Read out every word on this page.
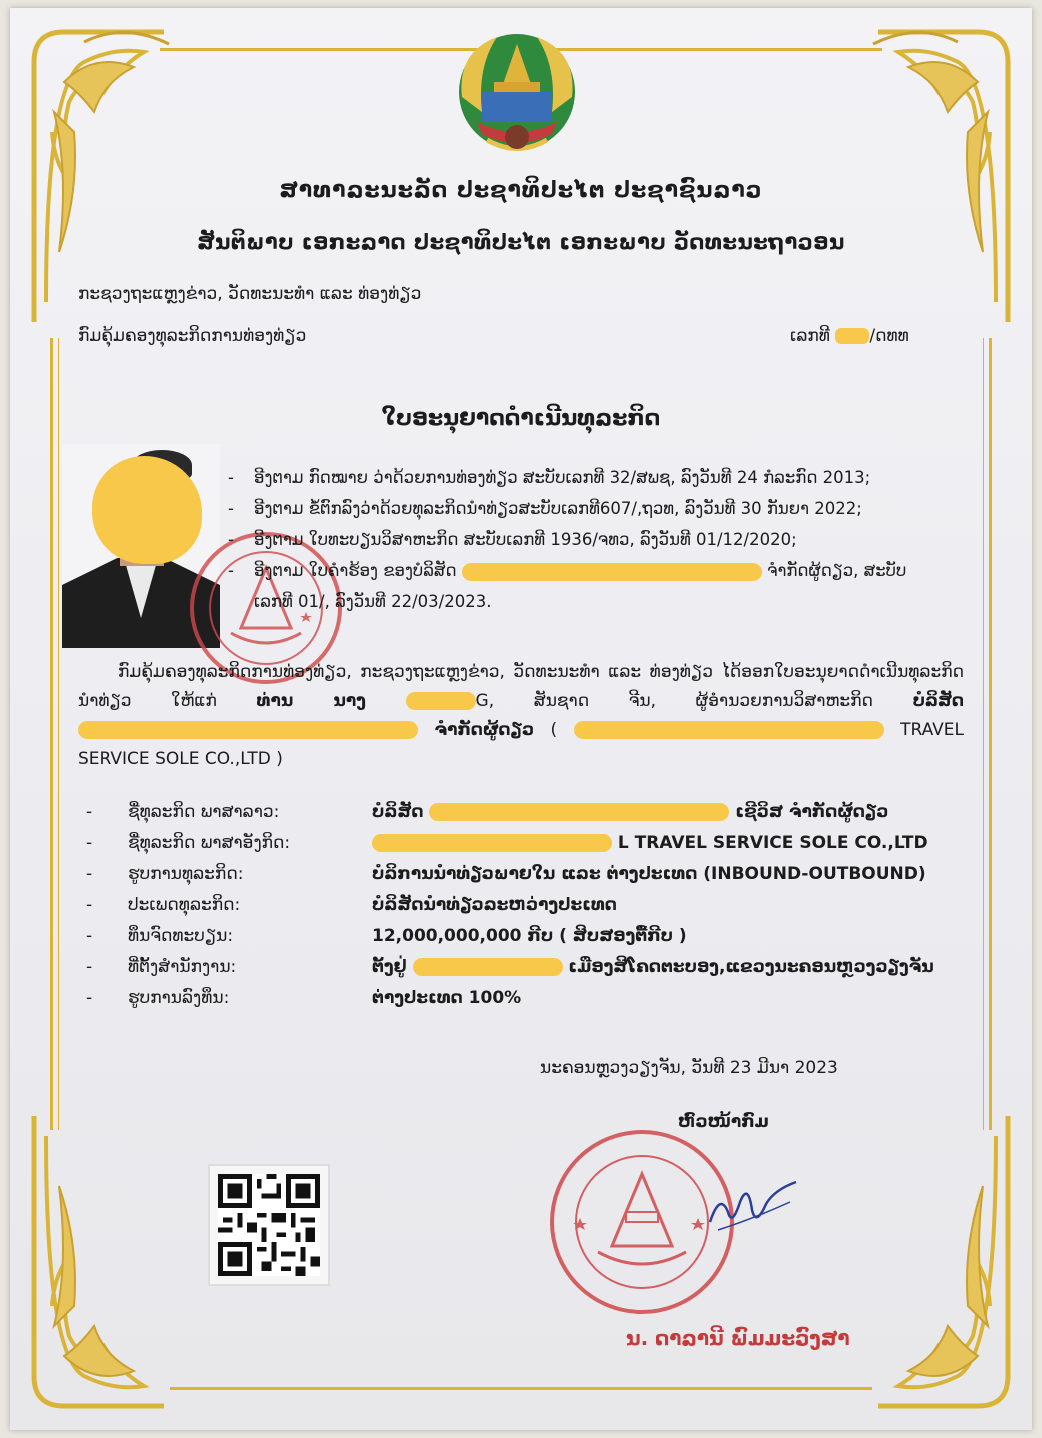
ສາທາລະນະລັດ ປະຊາທິປະໄຕ ປະຊາຊົນລາວ
ສັນຕິພາບ ເອກະລາດ ປະຊາທິປະໄຕ ເອກະພາບ ວັດທະນະຖາວອນ
ກະຊວງຖະແຫຼງຂ່າວ, ວັດທະນະທຳ ແລະ ທ່ອງທ່ຽວ
ກົມຄຸ້ມຄອງທຸລະກິດການທ່ອງທ່ຽວ	ເລກທີ /ດທທ
ໃບອະນຸຍາດດຳເນີນທຸລະກິດ
- ອີງຕາມ ກົດໝາຍ ວ່າດ້ວຍການທ່ອງທ່ຽວ ສະບັບເລກທີ 32/ສພຊ, ລົງວັນທີ 24 ກໍລະກົດ 2013;
- ອີງຕາມ ຂໍ້ຕົກລົງວ່າດ້ວຍທຸລະກິດນຳທ່ຽວສະບັບເລກທີ607/,ຖວທ, ລົງວັນທີ 30 ກັນຍາ 2022;
- ອີງຕາມ ໃບທະບຽນວິສາຫະກິດ ສະບັບເລກທີ 1936/ຈທວ, ລົງວັນທີ 01/12/2020;
- ອີງຕາມ ໃບຄຳຮ້ອງ ຂອງບໍລິສັດ	ຈຳກັດຜູ້ດຽວ, ສະບັບ
ເລກທີ 01/, ລົງວັນທີ 22/03/2023.
ກົມຄຸ້ມຄອງທຸລະກິດການທ່ອງທ່ຽວ, ກະຊວງຖະແຫຼງຂ່າວ, ວັດທະນະທຳ ແລະ ທ່ອງທ່ຽວ ໄດ້ອອກໃບອະນຸຍາດດຳເນີນທຸລະກິດນຳທ່ຽວ ໃຫ້ແກ່ ທ່ານ ນາງ	G, ສັນຊາດ ຈີນ, ຜູ້ອຳນວຍການວິສາຫະກິດ ບໍລິສັດ  ຈຳກັດຜູ້ດຽວ (	TRAVEL SERVICE SOLE CO.,LTD )
-	ຊື່ທຸລະກິດ ພາສາລາວ:	ບໍລິສັດ	ເຊີວິສ ຈຳກັດຜູ້ດຽວ
-	ຊື່ທຸລະກິດ ພາສາອັງກິດ:	L TRAVEL SERVICE SOLE CO.,LTD
-	ຮູບການທຸລະກິດ:	ບໍລິການນຳທ່ຽວພາຍໃນ ແລະ ຕ່າງປະເທດ (INBOUND-OUTBOUND)
-	ປະເພດທຸລະກິດ:	ບໍລິສັດນຳທ່ຽວລະຫວ່າງປະເທດ
-	ທຶນຈົດທະບຽນ:	12,000,000,000 ກີບ ( ສິບສອງຕື້ກີບ )
-	ທີ່ຕັ້ງສຳນັກງານ:	ຕັ້ງຢູ່	ເມືອງສີໂຄດຕະບອງ,ແຂວງນະຄອນຫຼວງວຽງຈັນ
-	ຮູບການລົງທຶນ:	ຕ່າງປະເທດ 100%
ນະຄອນຫຼວງວຽງຈັນ, ວັນທີ 23 ມີນາ 2023
ຫົວໜ້າກົມ
ນ. ດາລານີ ພົມມະວົງສາ
